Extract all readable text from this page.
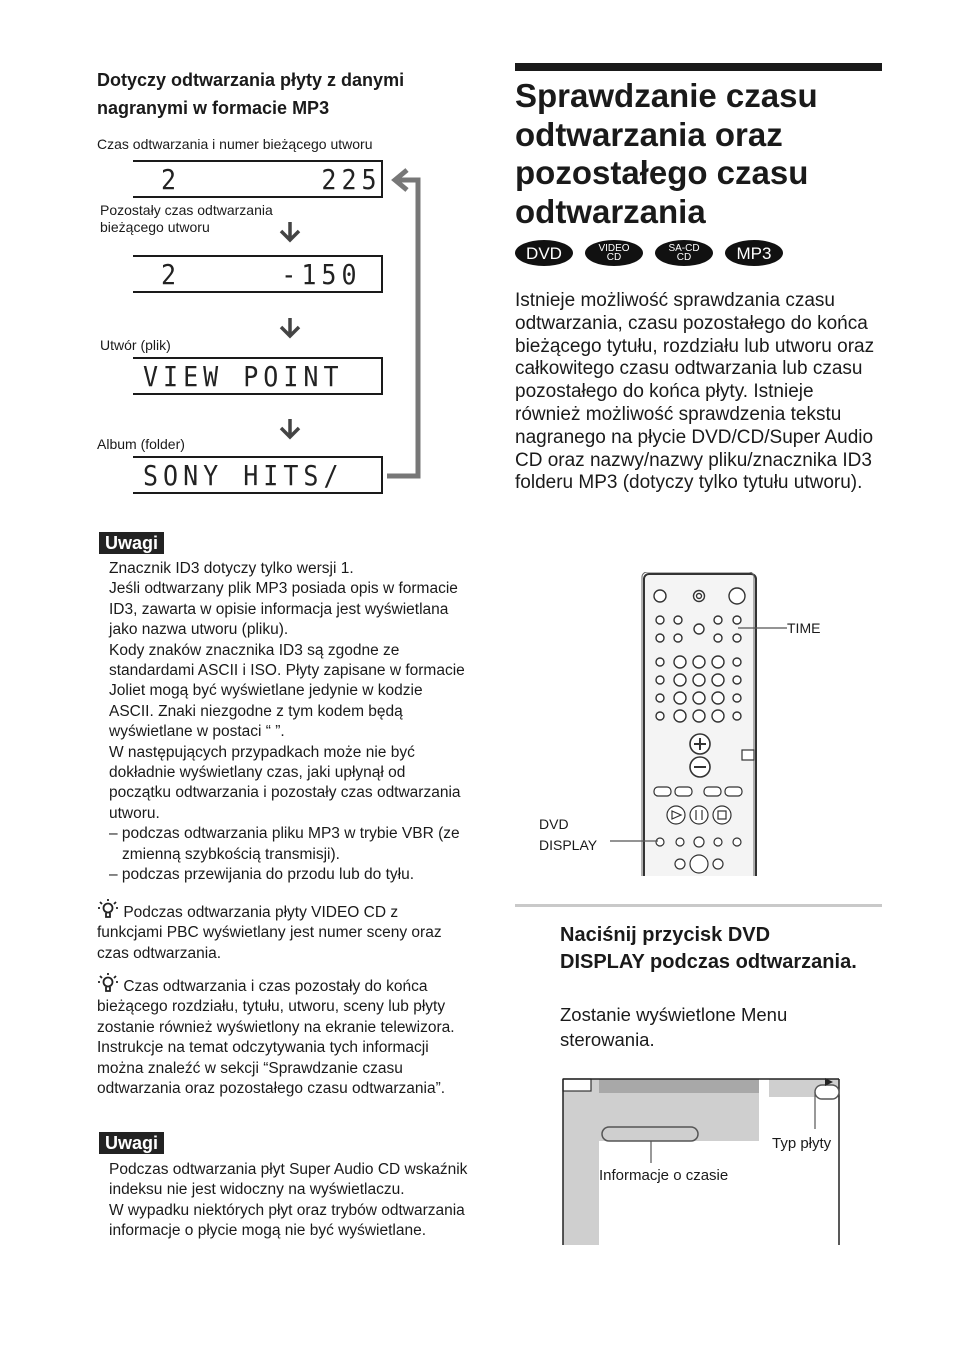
Dotyczy odtwarzania płyty z danymi nagranymi w formacie MP3
Czas odtwarzania i numer bieżącego utworu
2       225
Pozostały czas odtwarzania bieżącego utworu
2     -150
Utwór (plik)
VIEW POINT
Album (folder)
SONY HITS/
Uwagi

Znacznik ID3 dotyczy tylko wersji 1.

Jeśli odtwarzany plik MP3 posiada opis w formacie ID3, zawarta w opisie informacja jest wyświetlana jako nazwa utworu (pliku).

Kody znaków znacznika ID3 są zgodne ze standardami ASCII i ISO. Płyty zapisane w formacie Joliet mogą być wyświetlane jedynie w kodzie ASCII. Znaki niezgodne z tym kodem będą wyświetlane w postaci “ ”.

W następujących przypadkach może nie być dokładnie wyświetlany czas, jaki upłynął od początku odtwarzania i pozostały czas odtwarzania utworu.

– podczas odtwarzania pliku MP3 w trybie VBR (ze zmienną szybkością transmisji).

– podczas przewijania do przodu lub do tyłu.

Podczas odtwarzania płyty VIDEO CD z funkcjami PBC wyświetlany jest numer sceny oraz czas odtwarzania.
Czas odtwarzania i czas pozostały do końca bieżącego rozdziału, tytułu, utworu, sceny lub płyty zostanie również wyświetlony na ekranie telewizora. Instrukcje na temat odczytywania tych informacji można znaleźć w sekcji “Sprawdzanie czasu odtwarzania oraz pozostałego czasu odtwarzania”.
Uwagi

Podczas odtwarzania płyt Super Audio CD wskaźnik indeksu nie jest widoczny na wyświetlaczu.

W wypadku niektórych płyt oraz trybów odtwarzania informacje o płycie mogą nie być wyświetlane.

Sprawdzanie czasu odtwarzania oraz pozostałego czasu odtwarzania
DVD	VIDEO
CD
SA-CD
CD	MP3
Istnieje możliwość sprawdzania czasu odtwarzania, czasu pozostałego do końca bieżącego tytułu, rozdziału lub utworu oraz całkowitego czasu odtwarzania lub czasu pozostałego do końca płyty. Istnieje również możliwość sprawdzenia tekstu nagranego na płycie DVD/CD/Super Audio CD oraz nazwy/nazwy pliku/znacznika ID3 folderu MP3 (dotyczy tylko tytułu utworu).
TIME
DVD
DISPLAY
Naciśnij przycisk DVD DISPLAY podczas odtwarzania.
Zostanie wyświetlone Menu sterowania.
Informacje o czasie
Typ płyty
